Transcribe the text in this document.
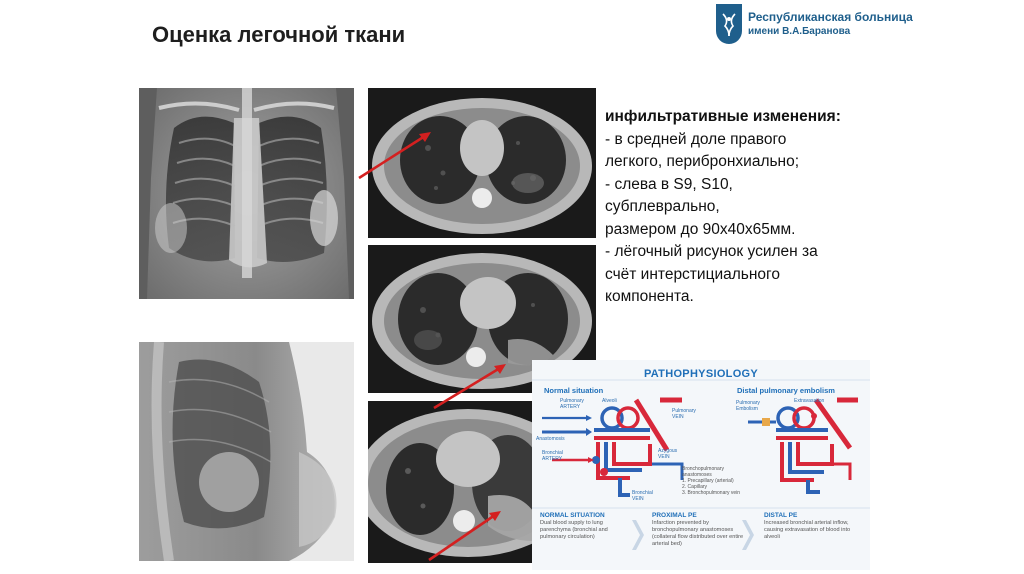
Оценка легочной ткани
Республиканская больница
имени В.А.Баранова
инфильтративные изменения:
- в средней доле правого
легкого, перибронхиально;
- слева в S9, S10,
субплеврально,
размером до 90х40х65мм.
- лёгочный рисунок усилен за
счёт интерстициального
компонента.
PATHOPHYSIOLOGY
Normal situation	Distal pulmonary embolism
Pulmonary
ARTERY
Alveoli
Pulmonary
VEIN
Anastomosis
Bronchial
ARTERY
Azygous
VEIN
Bronchopulmonary
anastomoses
1. Precapillary (arterial)
2. Capillary
3. Bronchopulmonary vein
Bronchial
VEIN
Pulmonary
Embolism
Extravasation
NORMAL SITUATION
Dual blood supply to lung parenchyma (bronchial and pulmonary circulation)
PROXIMAL PE
Infarction prevented by bronchopulmonary anastomoses (collateral flow distributed over entire arterial bed)
DISTAL PE
Increased bronchial arterial inflow, causing extravasation of blood into alveoli
